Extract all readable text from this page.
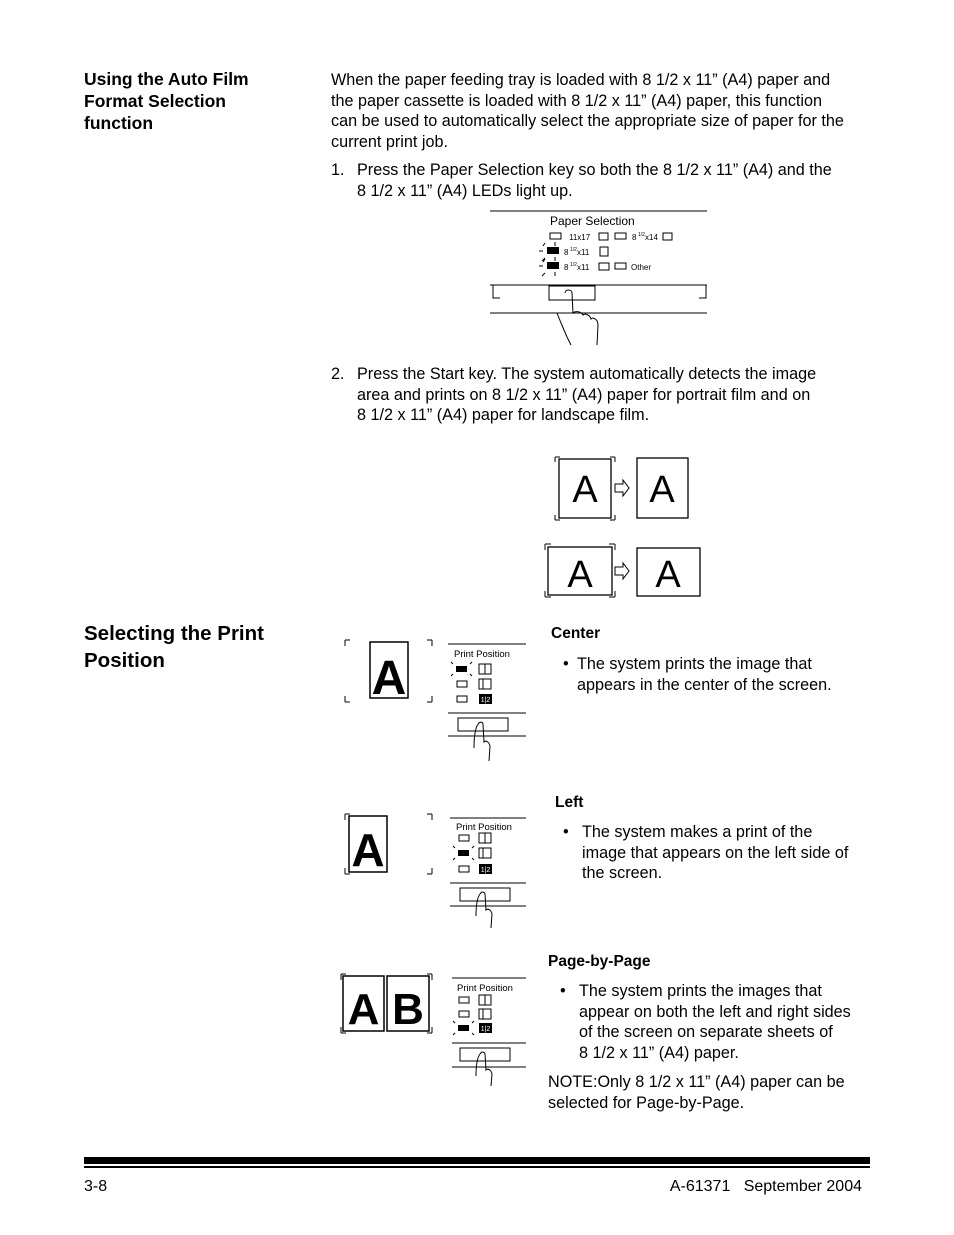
Using the Auto Film
Format Selection
function
When the paper feeding tray is loaded with 8 1/2 x 11” (A4) paper and
the paper cassette is loaded with 8 1/2 x 11” (A4) paper, this function
can be used to automatically select the appropriate size of paper for the
current print job.
1. Press the Paper Selection key so both the 8 1/2 x 11” (A4) and the
8 1/2 x 11” (A4) LEDs light up.
Paper Selection
11x17	8 1/2 x14
8 1/2 x11
8 1/2 x11	Other
2. Press the Start key. The system automatically detects the image
area and prints on 8 1/2 x 11” (A4) paper for portrait film and on
8 1/2 x 11” (A4) paper for landscape film.
A A
A A
Selecting the Print
Position	A	Print Position
1|2
Center
• The system prints the image that
appears in the center of the screen.
A	Print Position
1|2
Left
• The system makes a print of the
image that appears on the left side of
the screen.
A B	Print Position
1|2
Page-by-Page
• The system prints the images that
appear on both the left and right sides
of the screen on separate sheets of
8 1/2 x 11” (A4) paper.
NOTE:Only 8 1/2 x 11” (A4) paper can be
selected for Page-by-Page.
3-8	A-61371   September 2004
